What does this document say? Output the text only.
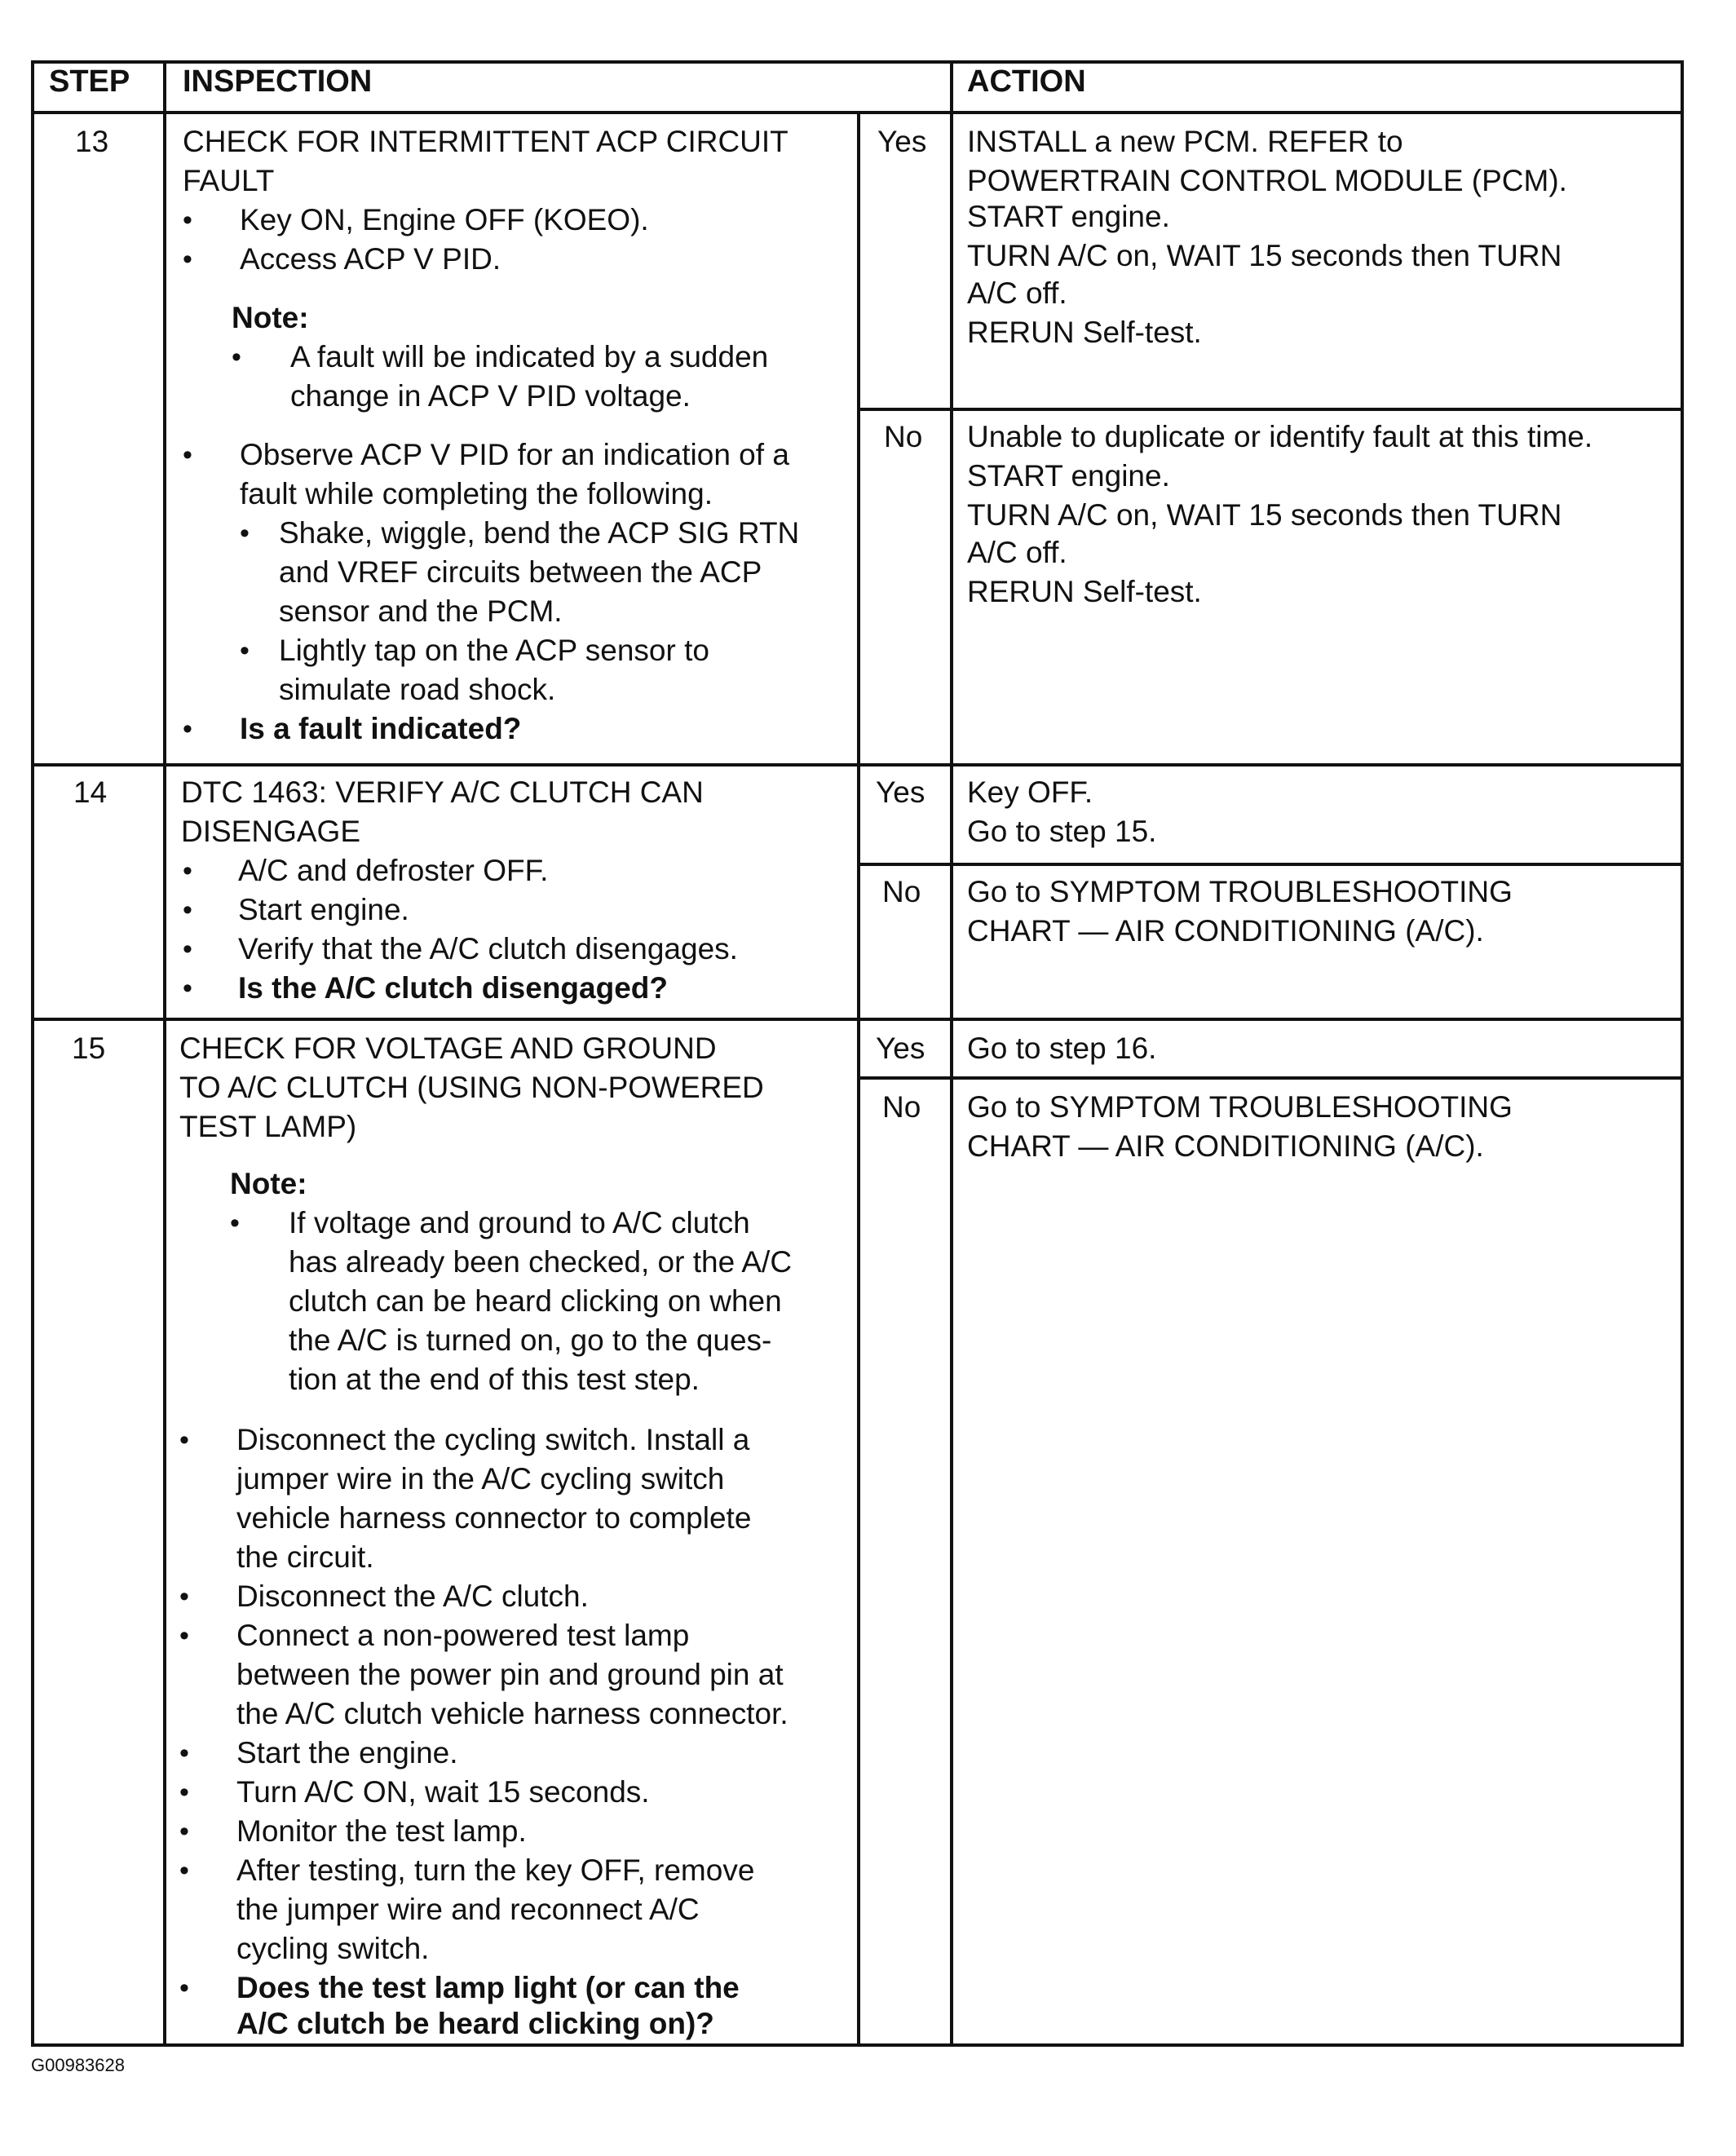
STEP INSPECTION	ACTION
13 CHECK FOR INTERMITTENT ACP CIRCUIT
FAULT
• Key ON, Engine OFF (KOEO).
• Access ACP V PID.
Note:
• A fault will be indicated by a sudden
change in ACP V PID voltage.
• Observe ACP V PID for an indication of a
fault while completing the following.
• Shake, wiggle, bend the ACP SIG RTN
and VREF circuits between the ACP
sensor and the PCM.
• Lightly tap on the ACP sensor to
simulate road shock.
• Is a fault indicated?
Yes INSTALL a new PCM. REFER to
POWERTRAIN CONTROL MODULE (PCM).
START engine.
TURN A/C on, WAIT 15 seconds then TURN
A/C off.
RERUN Self-test.
No Unable to duplicate or identify fault at this time.
START engine.
TURN A/C on, WAIT 15 seconds then TURN
A/C off.
RERUN Self-test.
14 DTC 1463: VERIFY A/C CLUTCH CAN
DISENGAGE
• A/C and defroster OFF.
• Start engine.
• Verify that the A/C clutch disengages.
• Is the A/C clutch disengaged?
Yes Key OFF.
Go to step 15.
No Go to SYMPTOM TROUBLESHOOTING
CHART — AIR CONDITIONING (A/C).
15 CHECK FOR VOLTAGE AND GROUND
TO A/C CLUTCH (USING NON-POWERED
TEST LAMP)
Note:
• If voltage and ground to A/C clutch
has already been checked, or the A/C
clutch can be heard clicking on when
the A/C is turned on, go to the ques-
tion at the end of this test step.
• Disconnect the cycling switch. Install a
jumper wire in the A/C cycling switch
vehicle harness connector to complete
the circuit.
• Disconnect the A/C clutch.
• Connect a non-powered test lamp
between the power pin and ground pin at
the A/C clutch vehicle harness connector.
• Start the engine.
• Turn A/C ON, wait 15 seconds.
• Monitor the test lamp.
• After testing, turn the key OFF, remove
the jumper wire and reconnect A/C
cycling switch.
• Does the test lamp light (or can the
A/C clutch be heard clicking on)?
Yes Go to step 16.
No Go to SYMPTOM TROUBLESHOOTING
CHART — AIR CONDITIONING (A/C).
G00983628
